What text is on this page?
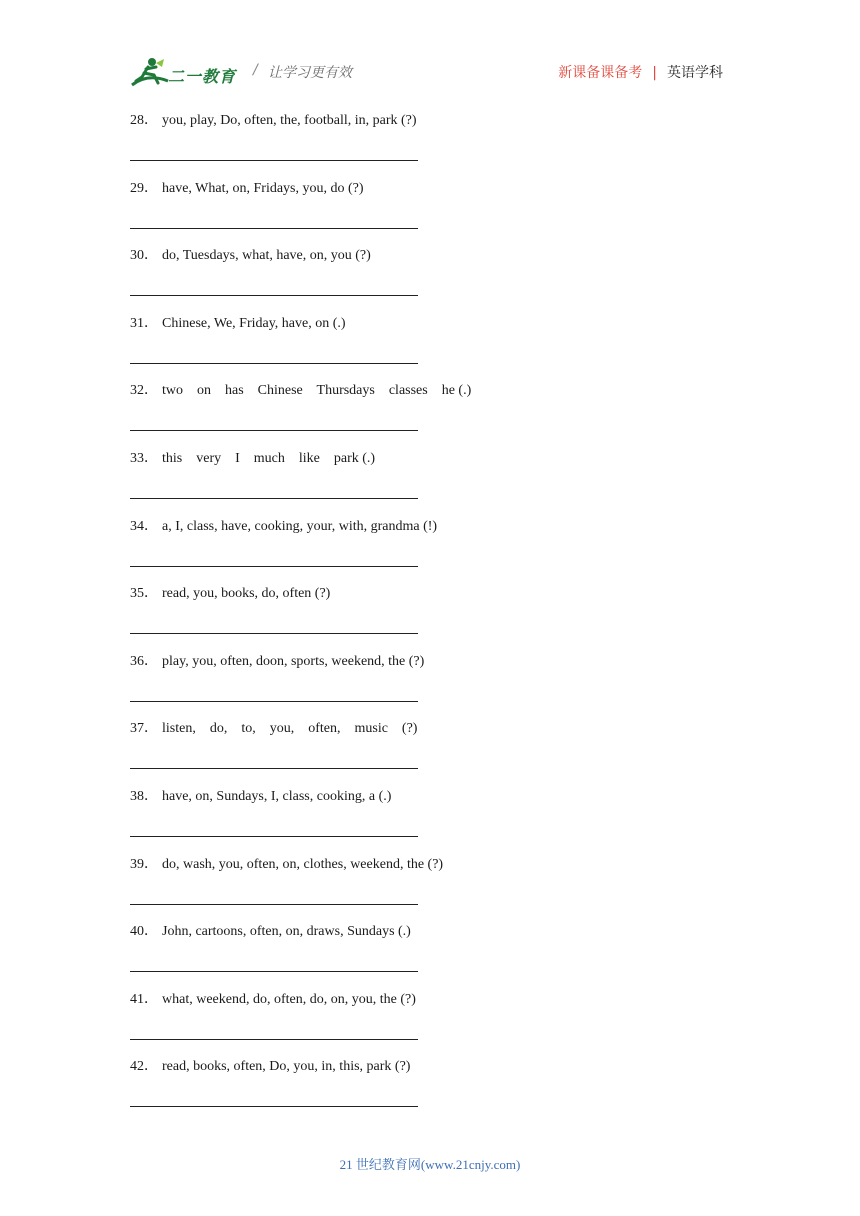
二一教育 / 让学习更有效	新课备课备考 | 英语学科
28． you, play, Do, often, the, football, in, park (?)
29． have, What, on, Fridays, you, do (?)
30． do, Tuesdays, what, have, on, you (?)
31． Chinese, We, Friday, have, on (.)
32． two    on    has    Chinese    Thursdays    classes    he (.)
33． this    very    I    much    like    park (.)
34． a, I, class, have, cooking, your, with, grandma (!)
35． read, you, books, do, often (?)
36． play, you, often, doon, sports, weekend, the (?)
37． listen,    do,    to,    you,    often,    music    (?)
38． have, on, Sundays, I, class, cooking, a (.)
39． do, wash, you, often, on, clothes, weekend, the (?)
40． John, cartoons, often, on, draws, Sundays (.)
41． what, weekend, do, often, do, on, you, the (?)
42． read, books, often, Do, you, in, this, park (?)
21 世纪教育网(www.21cnjy.com)
